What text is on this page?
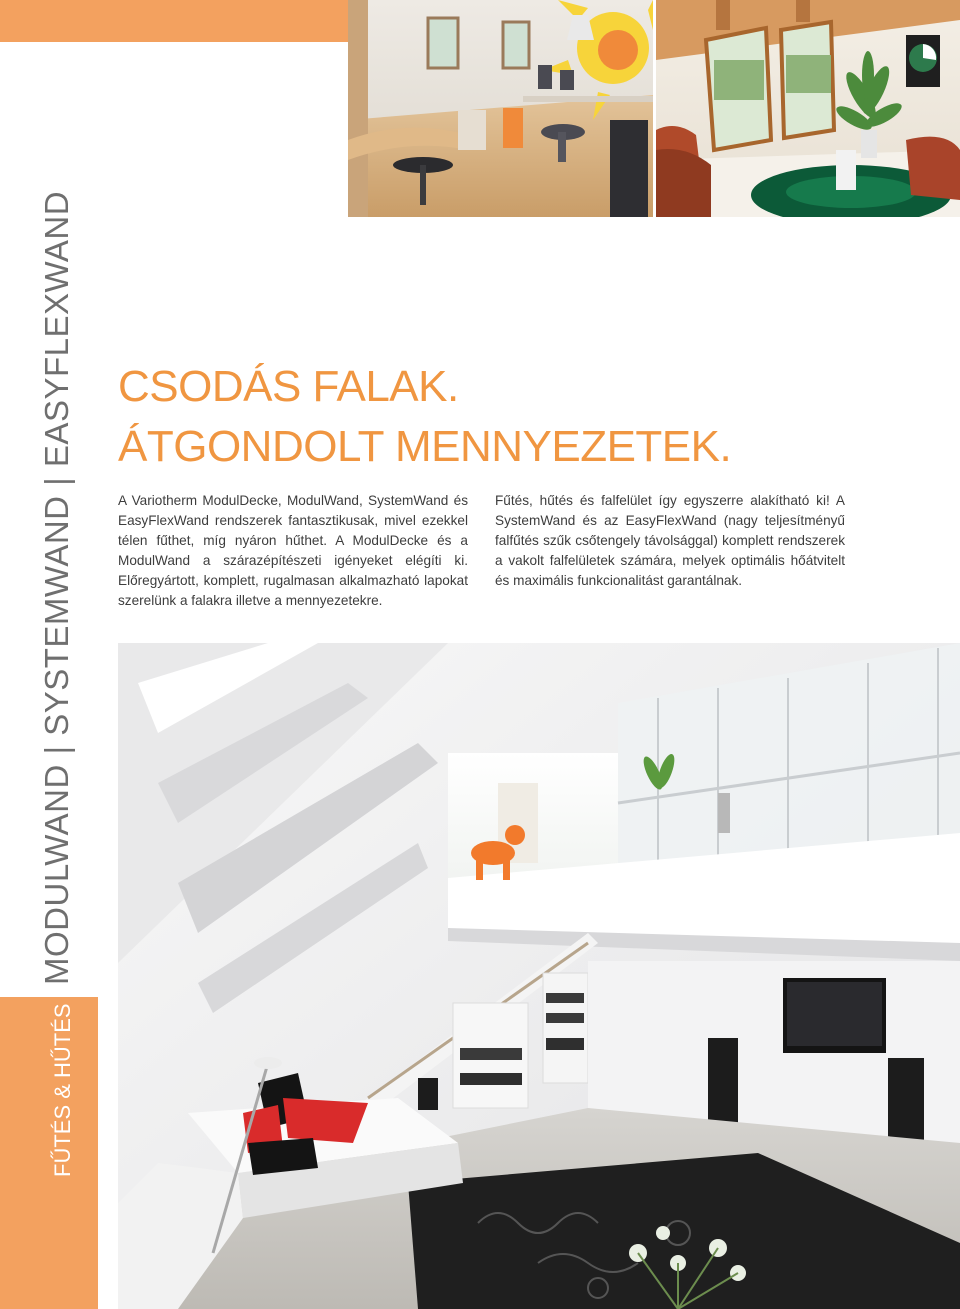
MODULWAND | SYSTEMWAND | EASYFLEXWAND
FŰTÉS & HŰTÉS
CSODÁS FALAK.
ÁTGONDOLT MENNYEZETEK.

A Variotherm ModulDecke, ModulWand, SystemWand és EasyFlexWand rendszerek fantasztikusak, mivel ezekkel télen fűthet, míg nyáron hűthet. A ModulDecke és a ModulWand a szárazépítészeti igényeket elégíti ki. Előregyártott, komplett, rugalmasan alkalmazható lapokat szerelünk a falakra illetve a mennyezetekre.

Fűtés, hűtés és falfelület így egyszerre alakítható ki! A SystemWand és az EasyFlexWand (nagy teljesítményű falfűtés szűk csőtengely távolsággal) komplett rendszerek a vakolt falfelületek számára, melyek optimális hőátvitelt és maximális funkcionalitást garantálnak.
